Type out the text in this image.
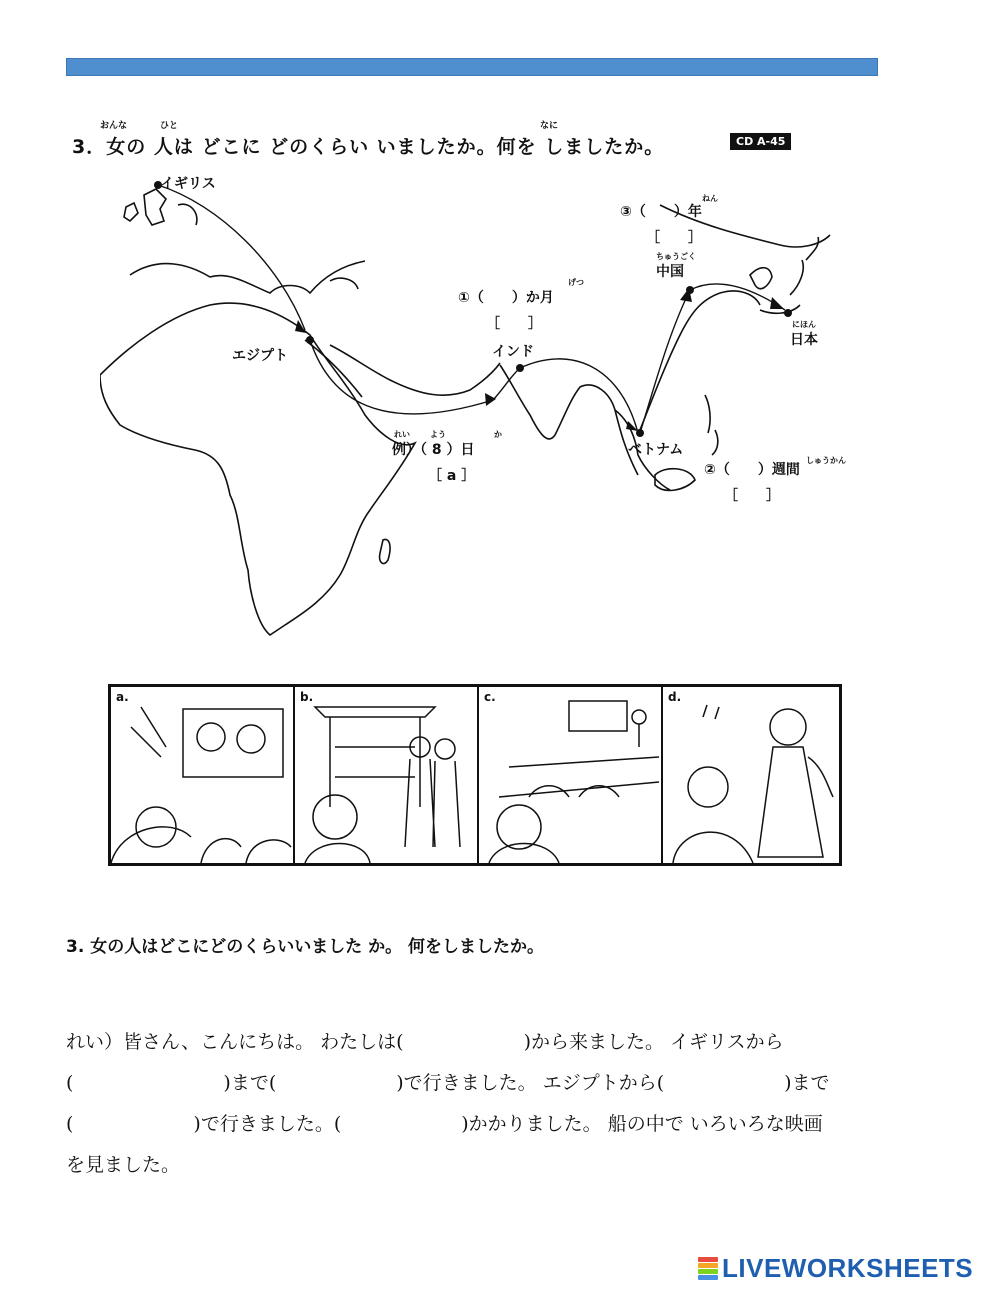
おんな	ひと	なに
3．女の 人は どこに どのくらい いましたか。何を しましたか。	CD A-45
イギリス
エジプト	インド
ベトナム
ちゅうごく
中国
にほん
日本
げつ
①（　　）か月
［　　］
しゅうかん
②（　　）週間
［　　］
ねん
③（　　）年
［　　］
れい	よう	か
例）（ 8 ）日
［ a ］
a.	b.	c.	d.
3. 女の人はどこにどのくらいいました か。 何をしましたか。
れい）皆さん、こんにちは。 わたしは(	)から来ました。 イギリスから
(	)まで(	)で行きました。 エジプトから(	)まで
(	)で行きました。(	)かかりました。 船の中で いろいろな映画
を見ました。
LIVEWORKSHEETS
